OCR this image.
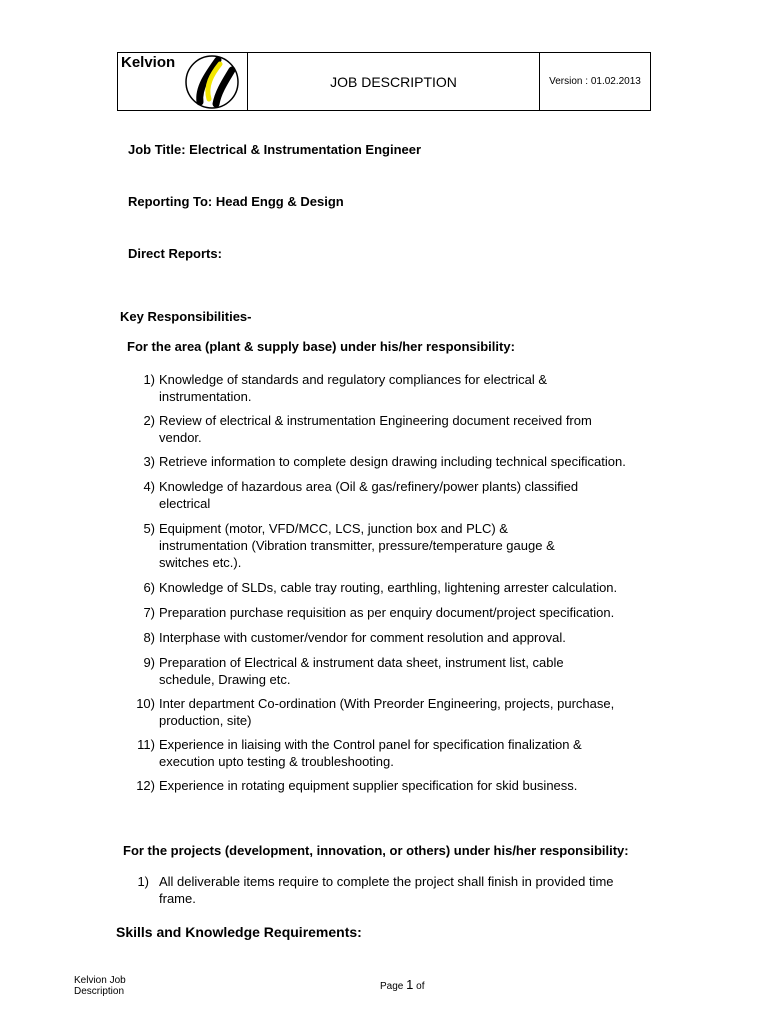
Kelvion
JOB DESCRIPTION	Version : 01.02.2013
Job Title: Electrical & Instrumentation Engineer
Reporting To: Head Engg & Design
Direct Reports:
Key Responsibilities-
For the area (plant & supply base) under his/her responsibility:
1) Knowledge of standards and regulatory compliances for electrical & instrumentation.
2) Review of electrical & instrumentation Engineering document received from vendor.
3) Retrieve information to complete design drawing including technical specification.
4) Knowledge of hazardous area (Oil & gas/refinery/power plants) classified electrical
5) Equipment (motor, VFD/MCC, LCS, junction box and PLC) & instrumentation (Vibration transmitter, pressure/temperature gauge & switches etc.).
6) Knowledge of SLDs, cable tray routing, earthling, lightening arrester calculation.
7) Preparation purchase requisition as per enquiry document/project specification.
8) Interphase with customer/vendor for comment resolution and approval.
9) Preparation of Electrical & instrument data sheet, instrument list, cable schedule, Drawing etc.
10) Inter department Co-ordination (With Preorder Engineering, projects, purchase, production, site)
11) Experience in liaising with the Control panel for specification finalization & execution upto testing & troubleshooting.
12) Experience in rotating equipment supplier specification for skid business.
For the projects (development, innovation, or others) under his/her responsibility:
1) All deliverable items require to complete the project shall finish in provided time frame.
Skills and Knowledge Requirements:
Kelvion Job Description	Page 1 of
